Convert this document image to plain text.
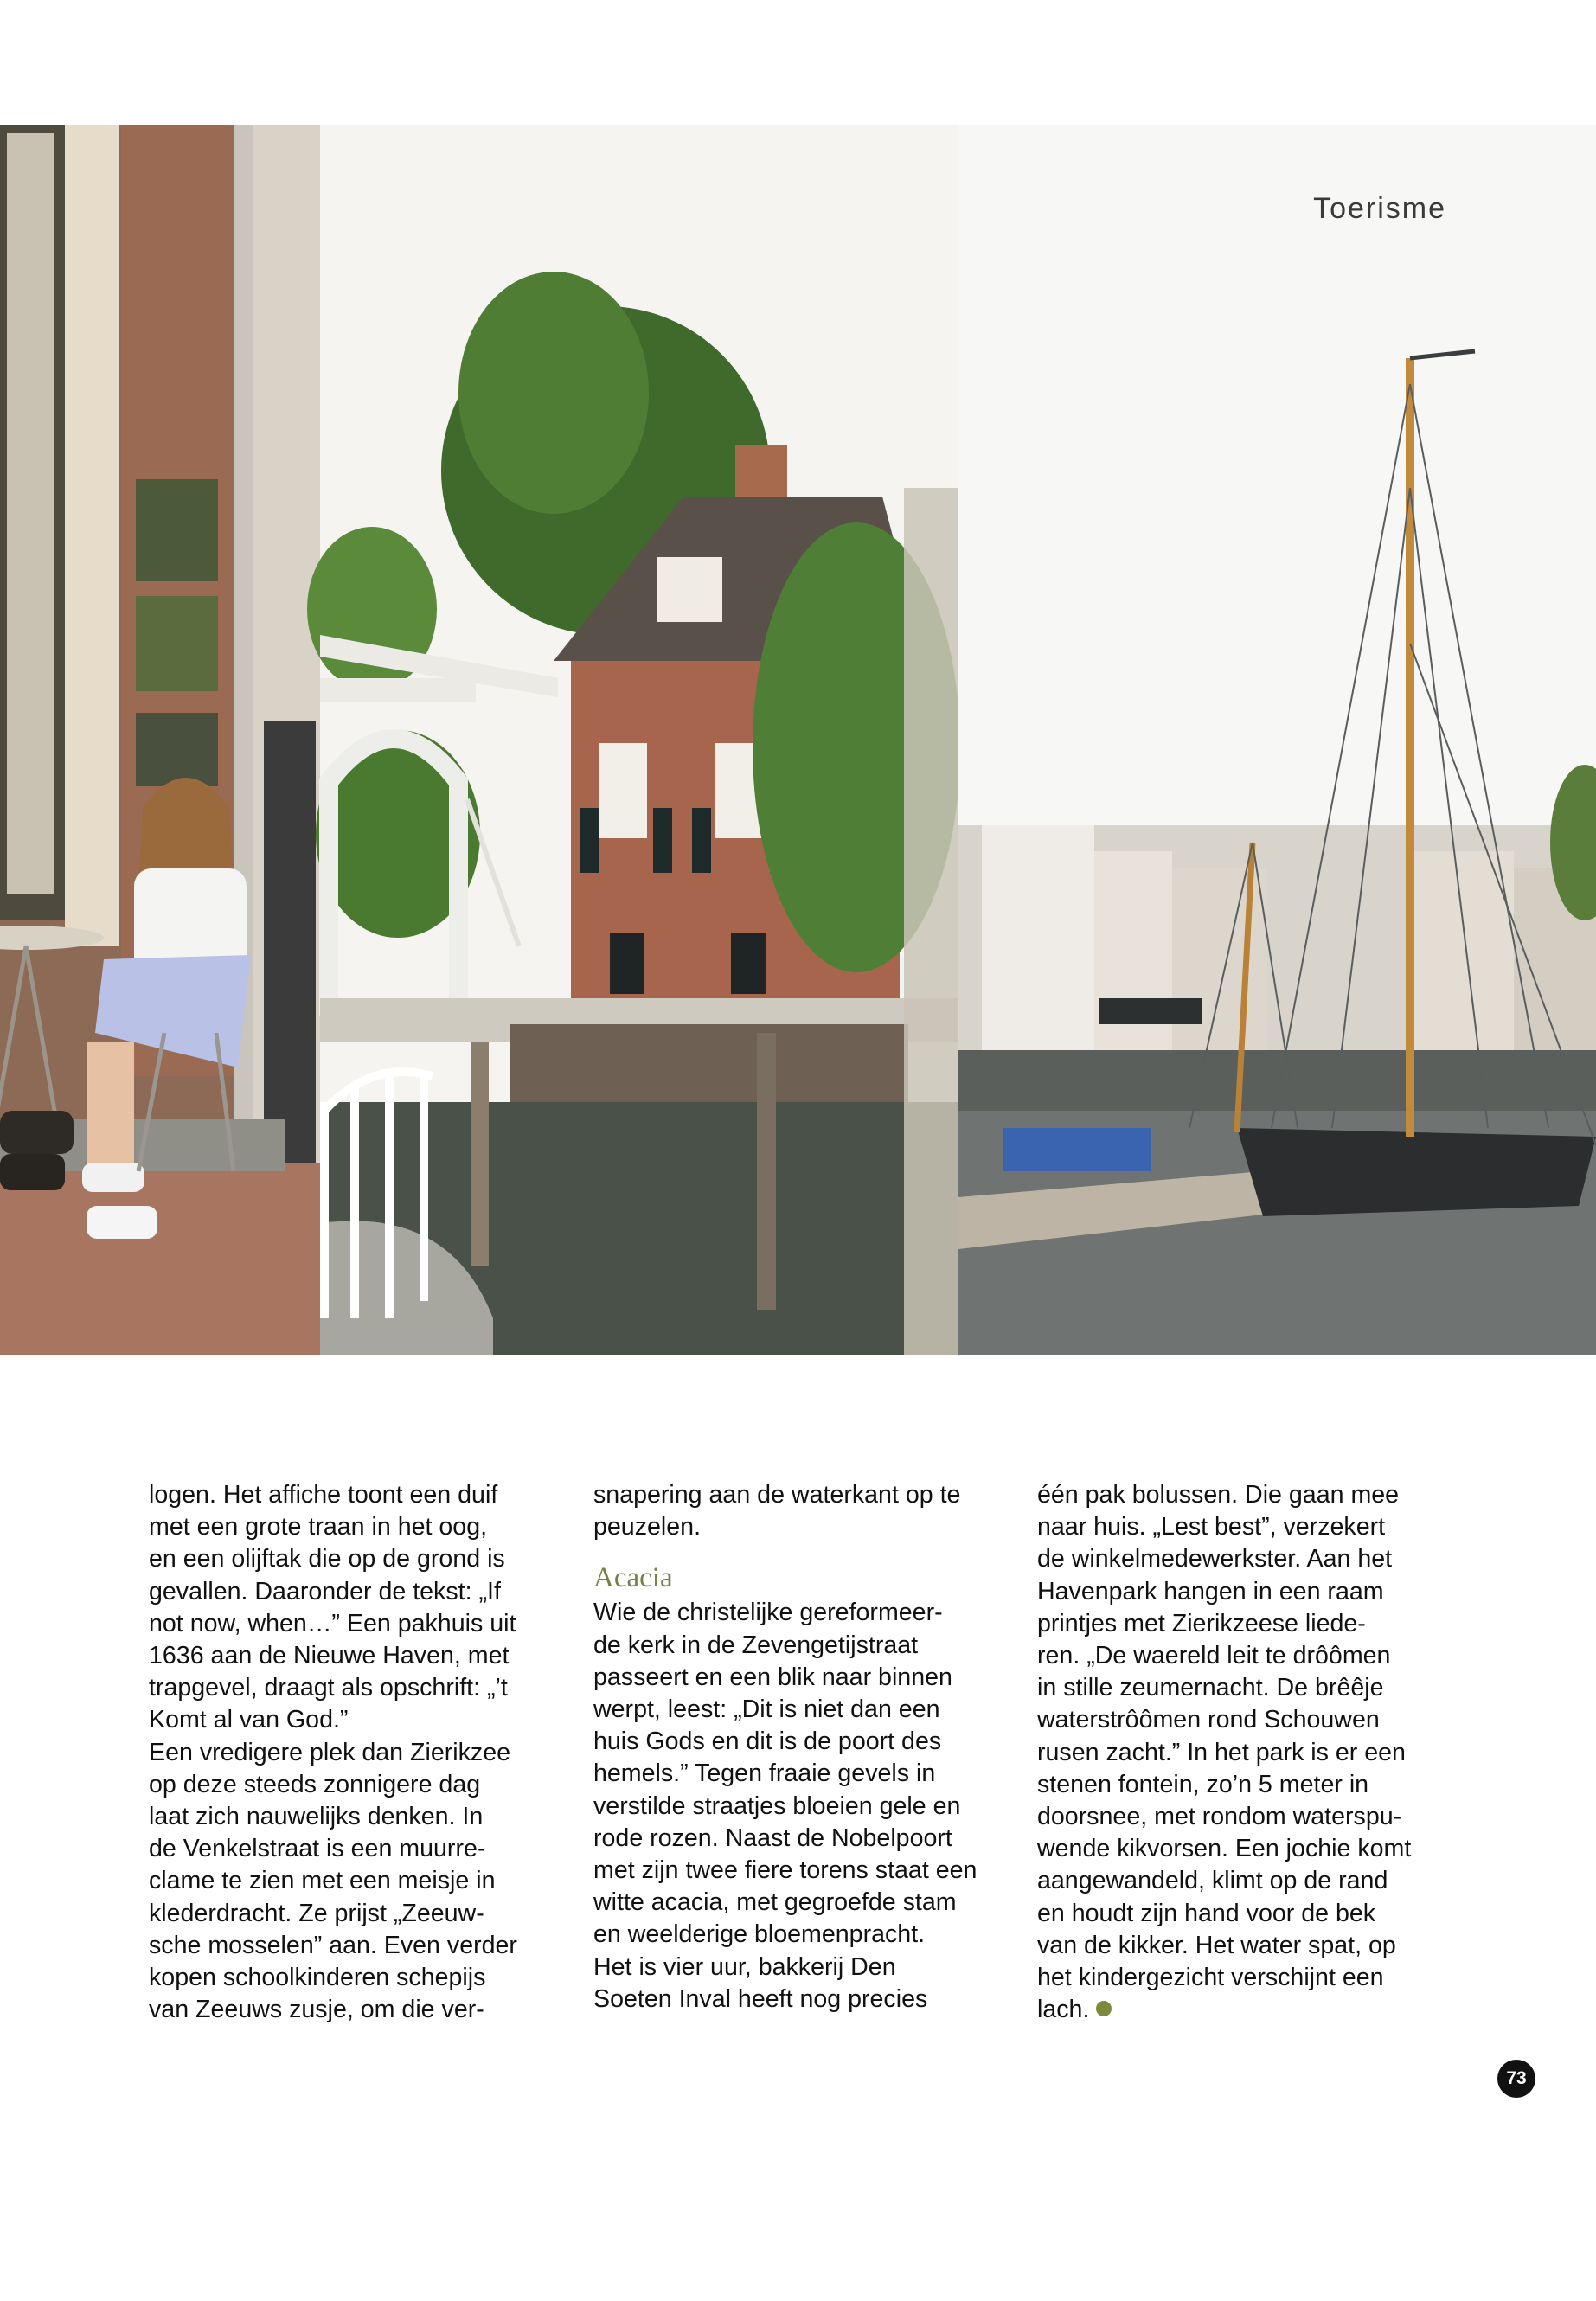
Toerisme

logen. Het affiche toont een duif
met een grote traan in het oog,
en een olijftak die op de grond is
gevallen. Daaronder de tekst: „If
not now, when…” Een pakhuis uit
1636 aan de Nieuwe Haven, met
trapgevel, draagt als opschrift: „’t
Komt al van God.”
Een vredigere plek dan Zierikzee
op deze steeds zonnigere dag
laat zich nauwelijks denken. In
de Venkelstraat is een muurre-
clame te zien met een meisje in
klederdracht. Ze prijst „Zeeuw-
sche mosselen” aan. Even verder
kopen schoolkinderen schepijs
van Zeeuws zusje, om die ver-

snapering aan de waterkant op te
peuzelen.

Acacia

Wie de christelijke gereformeer-
de kerk in de Zevengetijstraat
passeert en een blik naar binnen
werpt, leest: „Dit is niet dan een
huis Gods en dit is de poort des
hemels.” Tegen fraaie gevels in
verstilde straatjes bloeien gele en
rode rozen. Naast de Nobelpoort
met zijn twee fiere torens staat een
witte acacia, met gegroefde stam
en weelderige bloemenpracht.
Het is vier uur, bakkerij Den
Soeten Inval heeft nog precies

één pak bolussen. Die gaan mee
naar huis. „Lest best”, verzekert
de winkelmedewerkster. Aan het
Havenpark hangen in een raam
printjes met Zierikzeese liede-
ren. „De waereld leit te drôômen
in stille zeumernacht. De brêêje
waterstrôômen rond Schouwen
rusen zacht.” In het park is er een
stenen fontein, zo’n 5 meter in
doorsnee, met rondom waterspu-
wende kikvorsen. Een jochie komt
aangewandeld, klimt op de rand
en houdt zijn hand voor de bek
van de kikker. Het water spat, op
het kindergezicht verschijnt een
lach.

73
